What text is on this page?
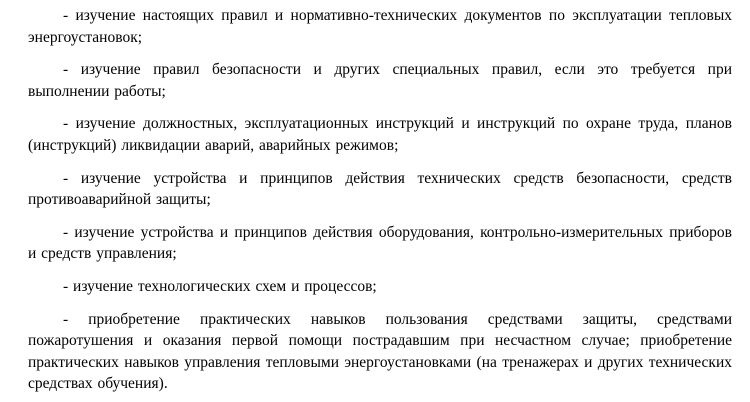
- изучение настоящих правил и нормативно-технических документов по эксплуатации тепловых энергоустановок;

- изучение правил безопасности и других специальных правил, если это требуется при выполнении работы;

- изучение должностных, эксплуатационных инструкций и инструкций по охране труда, планов (инструкций) ликвидации аварий, аварийных режимов;

- изучение устройства и принципов действия технических средств безопасности, средств противоаварийной защиты;

- изучение устройства и принципов действия оборудования, контрольно-измерительных приборов и средств управления;

- изучение технологических схем и процессов;

- приобретение практических навыков пользования средствами защиты, средствами пожаротушения и оказания первой помощи пострадавшим при несчастном случае; приобретение практических навыков управления тепловыми энергоустановками (на тренажерах и других технических средствах обучения).
